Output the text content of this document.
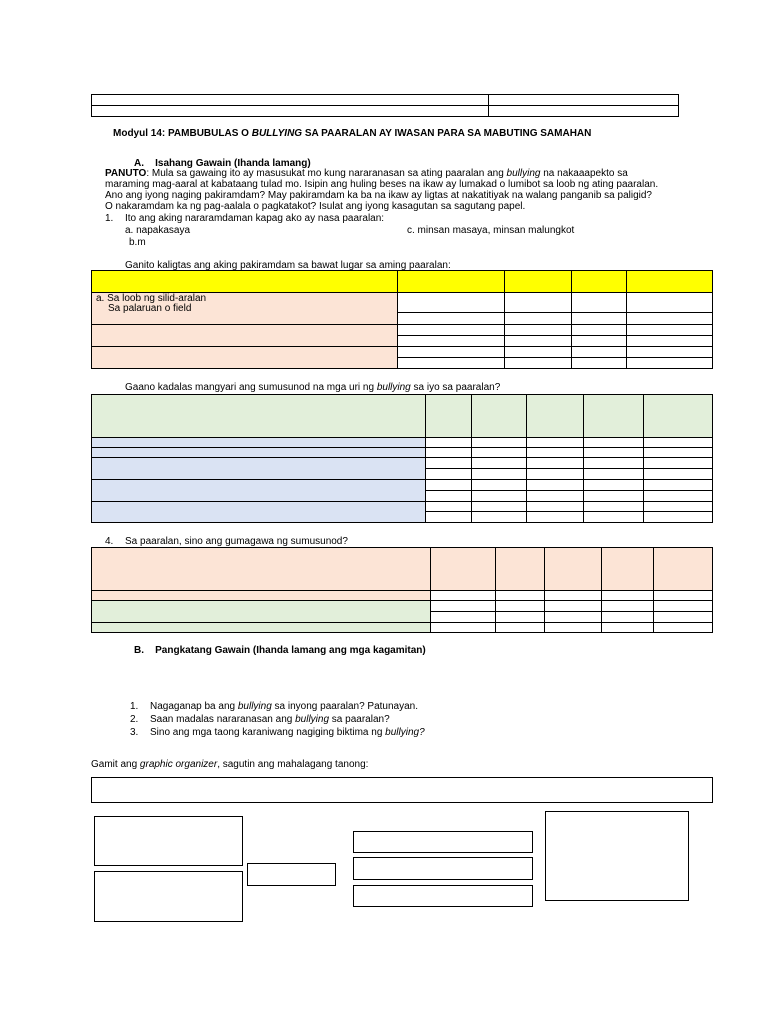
Modyul 14: PAMBUBULAS O BULLYING SA PAARALAN AY IWASAN PARA SA MABUTING SAMAHAN
A. Isahang Gawain (Ihanda lamang)
PANUTO: Mula sa gawaing ito ay masusukat mo kung nararanasan sa ating paaralan ang bullying na nakaaapekto sa
maraming mag-aaral at kabataang tulad mo. Isipin ang huling beses na ikaw ay lumakad o lumibot sa loob ng ating paaralan.
Ano ang iyong naging pakiramdam? May pakiramdam ka ba na ikaw ay ligtas at nakatitiyak na walang panganib sa paligid?
O nakaramdam ka ng pag-aalala o pagkatakot? Isulat ang iyong kasagutan sa sagutang papel.
1. Ito ang aking nararamdaman kapag ako ay nasa paaralan:
a. napakasaya	c. minsan masaya, minsan malungkot
b.m
Ganito kaligtas ang aking pakiramdam sa bawat lugar sa aming paaralan:

a. Sa loob ng silid-aralan
Sa palaruan o field				

Gaano kadalas mangyari ang sumusunod na mga uri ng bullying sa iyo sa paaralan?

4. Sa paaralan, sino ang gumagawa ng sumusunod?

B. Pangkatang Gawain (Ihanda lamang ang mga kagamitan)
1. Nagaganap ba ang bullying sa inyong paaralan? Patunayan.
2. Saan madalas nararanasan ang bullying sa paaralan?
3. Sino ang mga taong karaniwang nagiging biktima ng bullying?
Gamit ang graphic organizer, sagutin ang mahalagang tanong:
